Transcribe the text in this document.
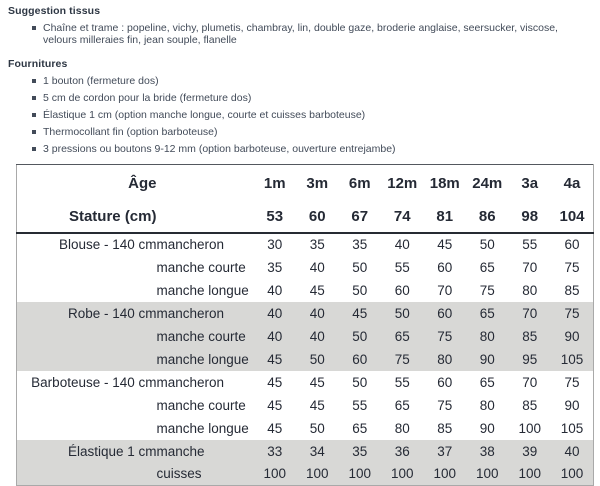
Suggestion tissus
Chaîne et trame : popeline, vichy, plumetis, chambray, lin, double gaze, broderie anglaise, seersucker, viscose, velours milleraies fin, jean souple, flanelle
Fournitures
1 bouton (fermeture dos)
5 cm de cordon pour la bride (fermeture dos)
Élastique 1 cm (option manche longue, courte et cuisses barboteuse)
Thermocollant fin (option barboteuse)
3 pressions ou boutons 9-12 mm (option barboteuse, ouverture entrejambe)
Âge		1m	3m	6m	12m	18m	24m	3a	4a
Stature (cm)		53	60	67	74	81	86	98	104
Blouse - 140 cm	mancheron	30	35	35	40	45	50	55	60
	manche courte	35	40	50	55	60	65	70	75
	manche longue	40	45	50	60	70	75	80	85
Robe - 140 cm	mancheron	40	40	45	50	60	65	70	75
	manche courte	40	40	50	65	75	80	85	90
	manche longue	45	50	60	75	80	90	95	105
Barboteuse - 140 cm	mancheron	45	45	50	55	60	65	70	75
	manche courte	45	45	55	65	75	80	85	90
	manche longue	45	50	65	80	85	90	100	105
Élastique 1 cm	manche	33	34	35	36	37	38	39	40
	cuisses	100	100	100	100	100	100	100	100
